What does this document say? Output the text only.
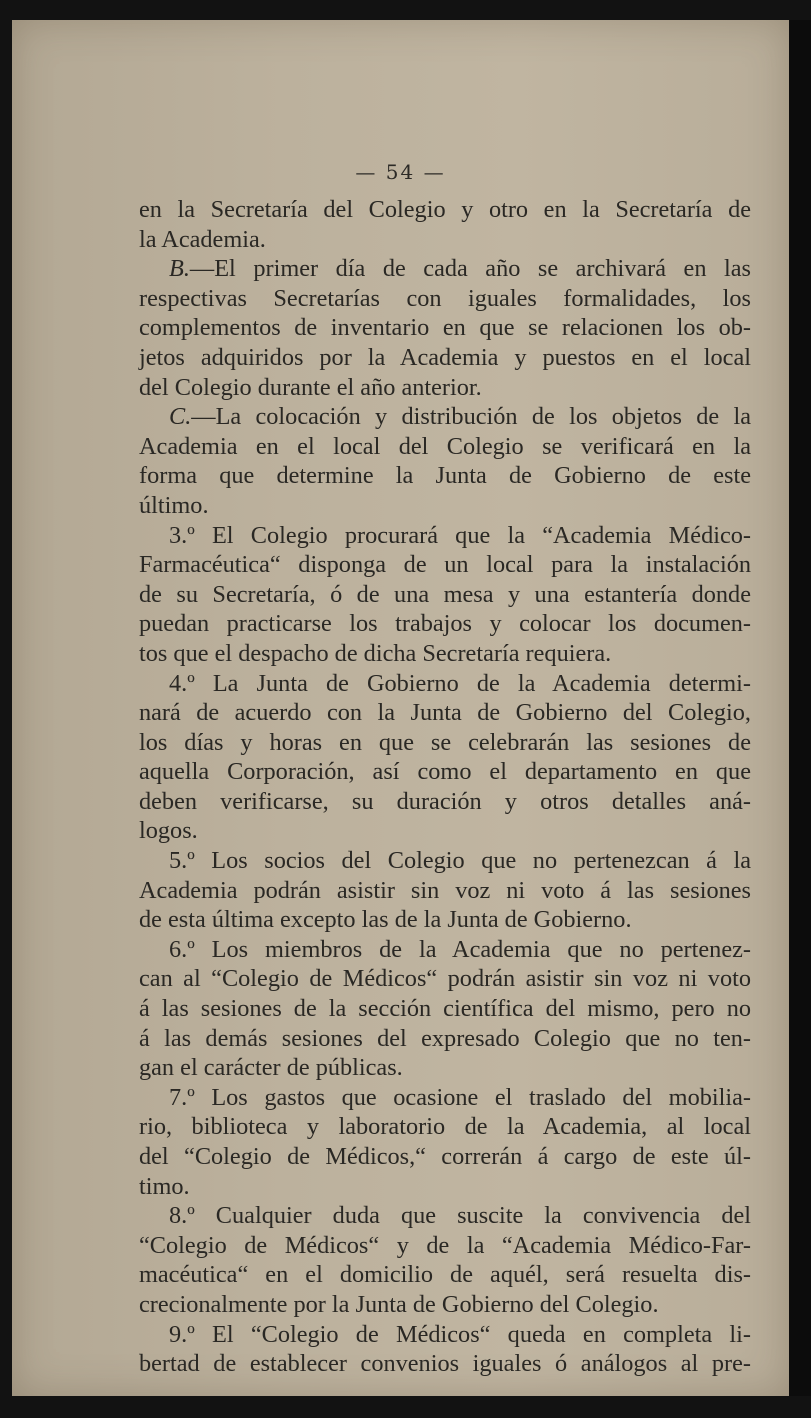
— 54 —

en la Secretaría del Colegio y otro en la Secretaría de

la Academia.

B.—El primer día de cada año se archivará en las

respectivas Secretarías con iguales formalidades, los

complementos de inventario en que se relacionen los ob-

jetos adquiridos por la Academia y puestos en el local

del Colegio durante el año anterior.

C.—La colocación y distribución de los objetos de la

Academia en el local del Colegio se verificará en la

forma que determine la Junta de Gobierno de este

último.

3.º El Colegio procurará que la “Academia Médico-

Farmacéutica“ disponga de un local para la instalación

de su Secretaría, ó de una mesa y una estantería donde

puedan practicarse los trabajos y colocar los documen-

tos que el despacho de dicha Secretaría requiera.

4.º La Junta de Gobierno de la Academia determi-

nará de acuerdo con la Junta de Gobierno del Colegio,

los días y horas en que se celebrarán las sesiones de

aquella Corporación, así como el departamento en que

deben verificarse, su duración y otros detalles aná-

logos.

5.º Los socios del Colegio que no pertenezcan á la

Academia podrán asistir sin voz ni voto á las sesiones

de esta última excepto las de la Junta de Gobierno.

6.º Los miembros de la Academia que no pertenez-

can al “Colegio de Médicos“ podrán asistir sin voz ni voto

á las sesiones de la sección científica del mismo, pero no

á las demás sesiones del expresado Colegio que no ten-

gan el carácter de públicas.

7.º Los gastos que ocasione el traslado del mobilia-

rio, biblioteca y laboratorio de la Academia, al local

del “Colegio de Médicos,“ correrán á cargo de este úl-

timo.

8.º Cualquier duda que suscite la convivencia del

“Colegio de Médicos“ y de la “Academia Médico-Far-

macéutica“ en el domicilio de aquél, será resuelta dis-

crecionalmente por la Junta de Gobierno del Colegio.

9.º El “Colegio de Médicos“ queda en completa li-

bertad de establecer convenios iguales ó análogos al pre-
